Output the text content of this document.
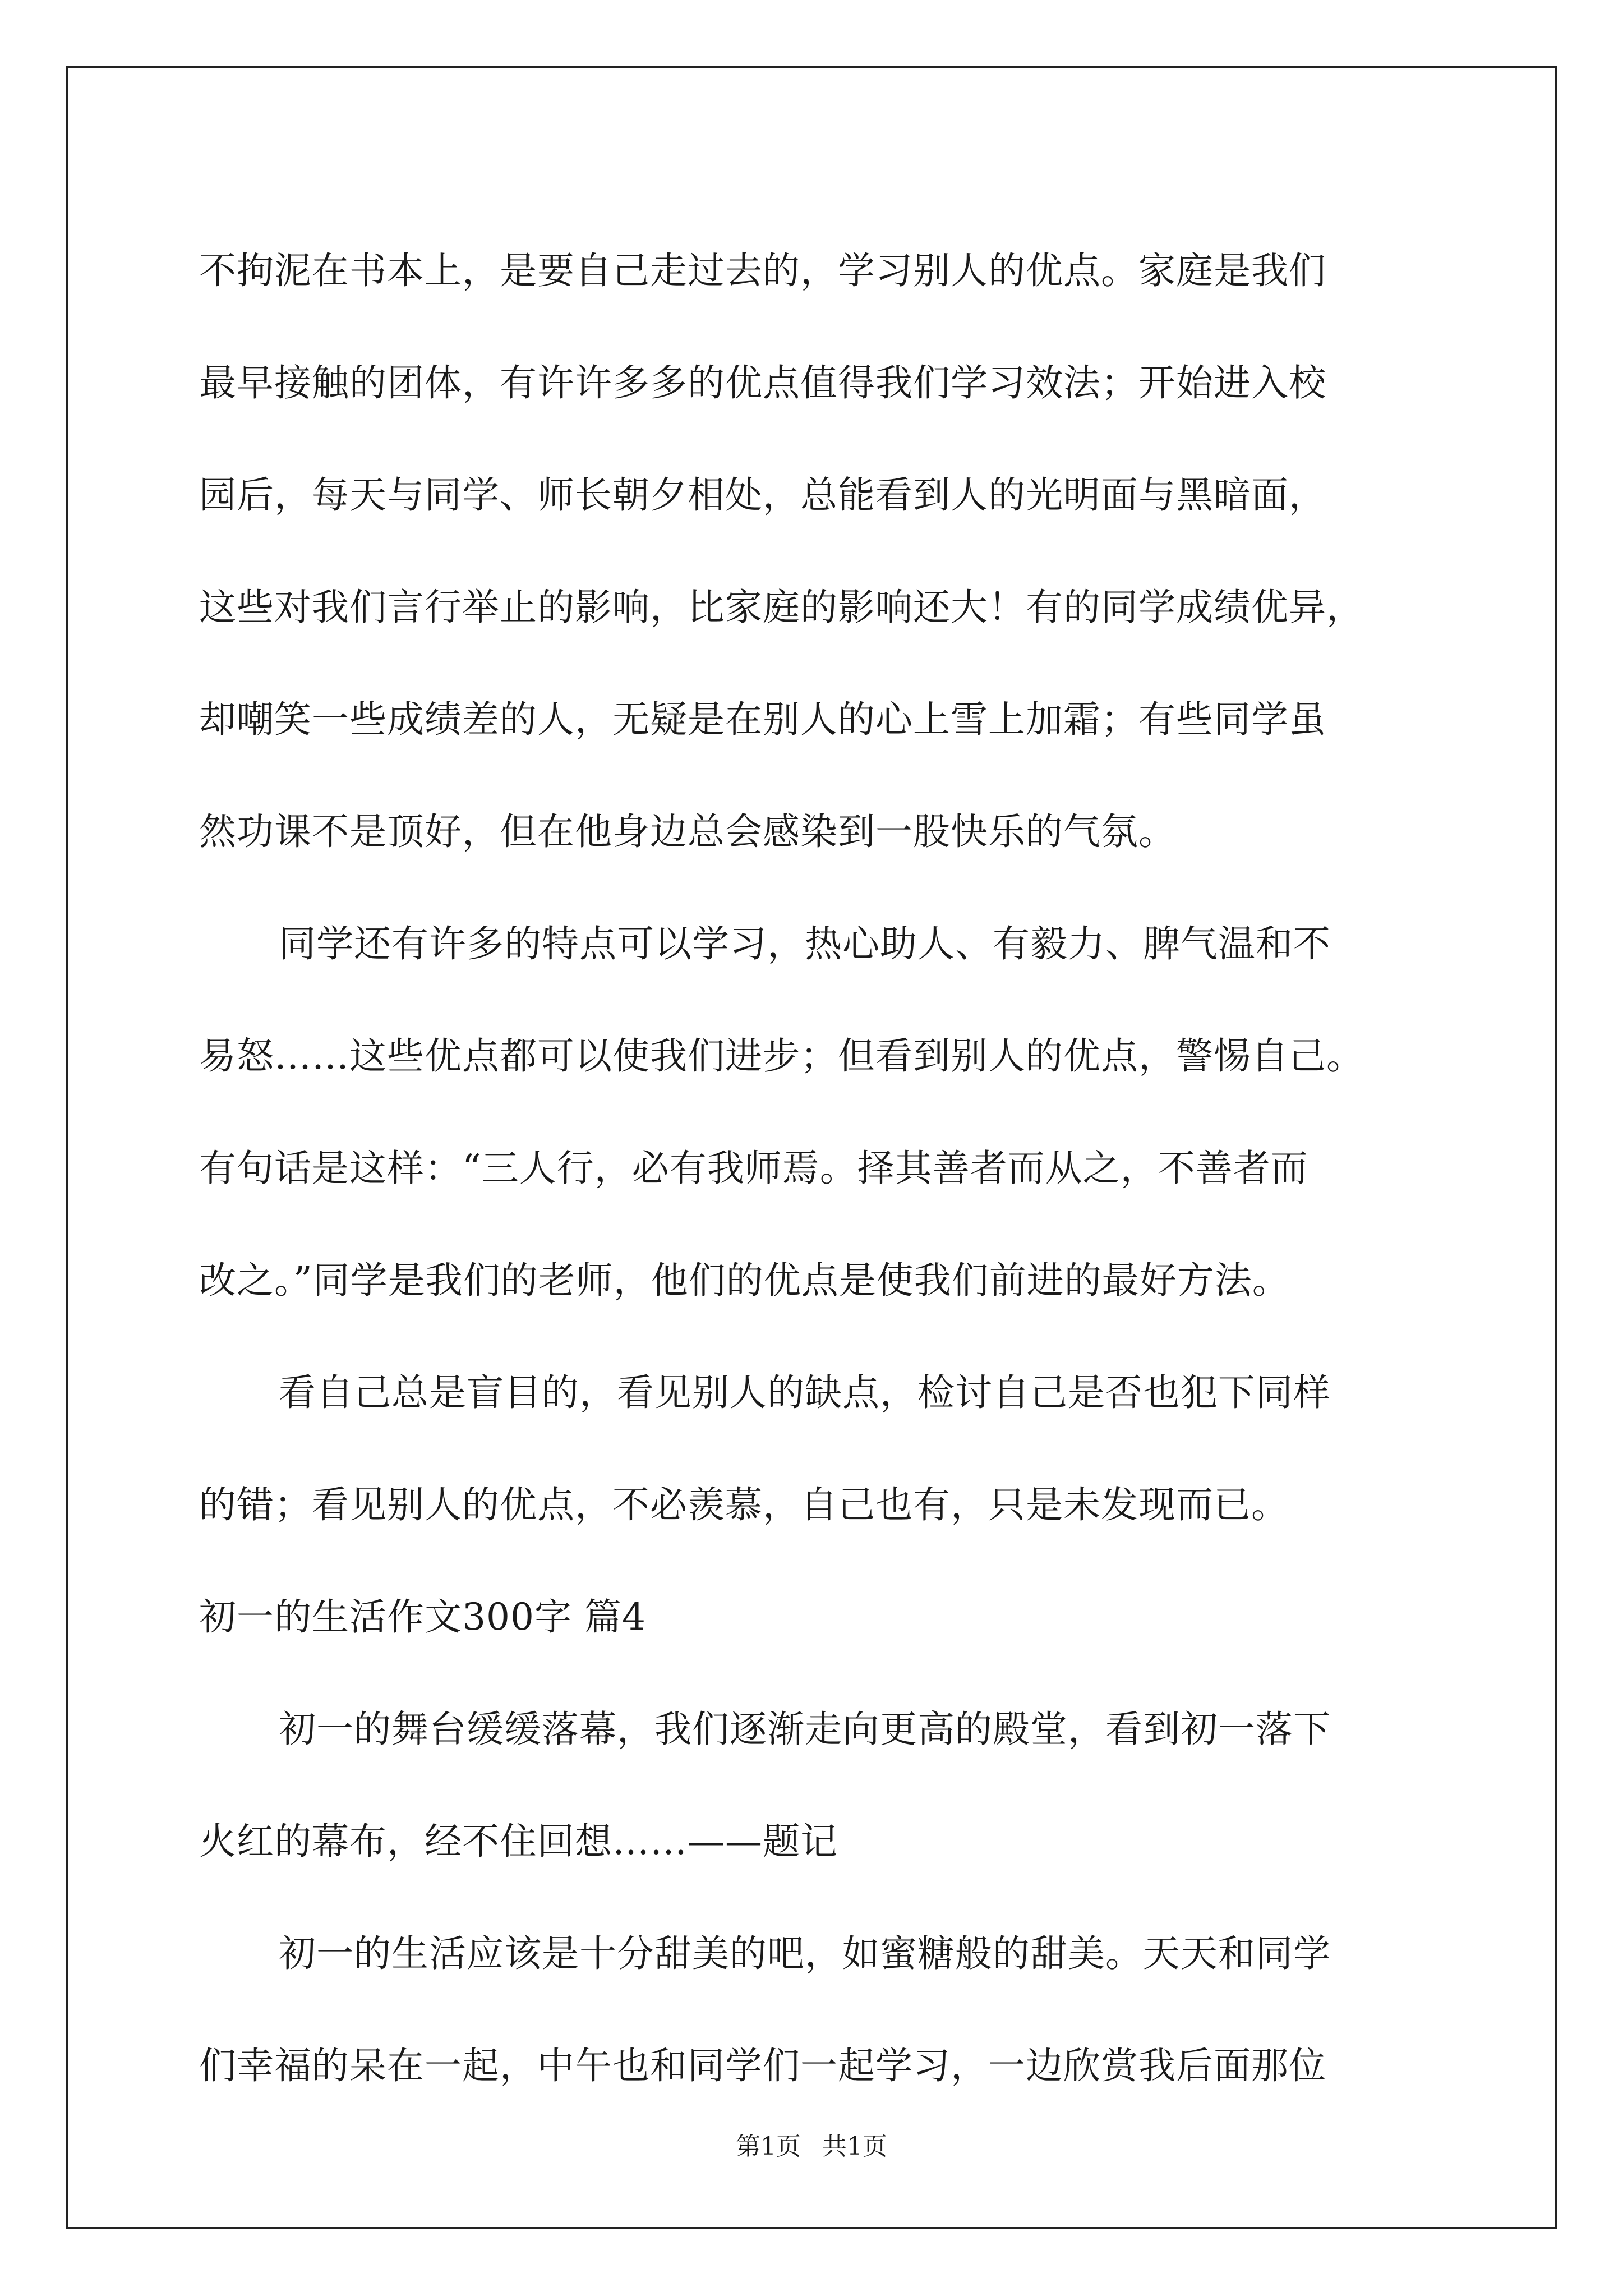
不拘泥在书本上，是要自己走过去的，学习别人的优点。家庭是我们
最早接触的团体，有许许多多的优点值得我们学习效法；开始进入校
园后，每天与同学、师长朝夕相处，总能看到人的光明面与黑暗面，
这些对我们言行举止的影响，比家庭的影响还大！有的同学成绩优异，
却嘲笑一些成绩差的人，无疑是在别人的心上雪上加霜；有些同学虽
然功课不是顶好，但在他身边总会感染到一股快乐的气氛。
同学还有许多的特点可以学习，热心助人、有毅力、脾气温和不
易怒……这些优点都可以使我们进步；但看到别人的优点，警惕自己。
有句话是这样：“三人行，必有我师焉。择其善者而从之，不善者而
改之。”同学是我们的老师，他们的优点是使我们前进的最好方法。
看自己总是盲目的，看见别人的缺点，检讨自己是否也犯下同样
的错；看见别人的优点，不必羡慕，自己也有，只是未发现而已。
初一的生活作文300字 篇4
初一的舞台缓缓落幕，我们逐渐走向更高的殿堂，看到初一落下
火红的幕布，经不住回想……——题记
初一的生活应该是十分甜美的吧，如蜜糖般的甜美。天天和同学
们幸福的呆在一起，中午也和同学们一起学习，一边欣赏我后面那位
第1页 共1页
